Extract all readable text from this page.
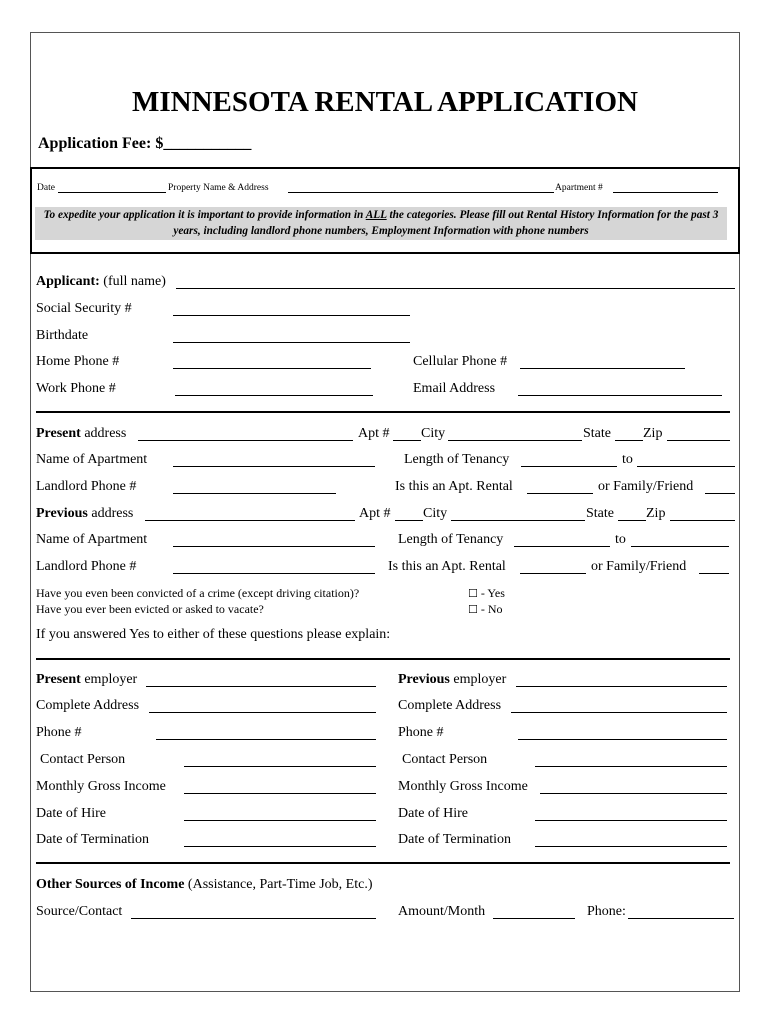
MINNESOTA RENTAL APPLICATION
Application Fee: $___________
Date	Property Name & Address	Apartment #
To expedite your application it is important to provide information in ALL the categories. Please fill out Rental History Information for the past 3 years, including landlord phone numbers, Employment Information with phone numbers
Applicant: (full name)
Social Security #
Birthdate
Home Phone #	Cellular Phone #
Work Phone #	Email Address
Present address	Apt # City	State Zip
Name of Apartment	Length of Tenancy	to
Landlord Phone #	Is this an Apt. Rental	or Family/Friend
Previous address	Apt # City	State Zip
Name of Apartment	Length of Tenancy	to
Landlord Phone #	Is this an Apt. Rental	or Family/Friend
Have you even been convicted of a crime (except driving citation)?
Have you ever been evicted or asked to vacate?
☐ - Yes
☐ - No
If you answered Yes to either of these questions please explain:
Present employer	Previous employer
Complete Address	Complete Address
Phone #	Phone #
Contact Person	Contact Person
Monthly Gross Income	Monthly Gross Income
Date of Hire	Date of Hire
Date of Termination	Date of Termination
Other Sources of Income (Assistance, Part-Time Job, Etc.)
Source/Contact	Amount/Month	Phone:
